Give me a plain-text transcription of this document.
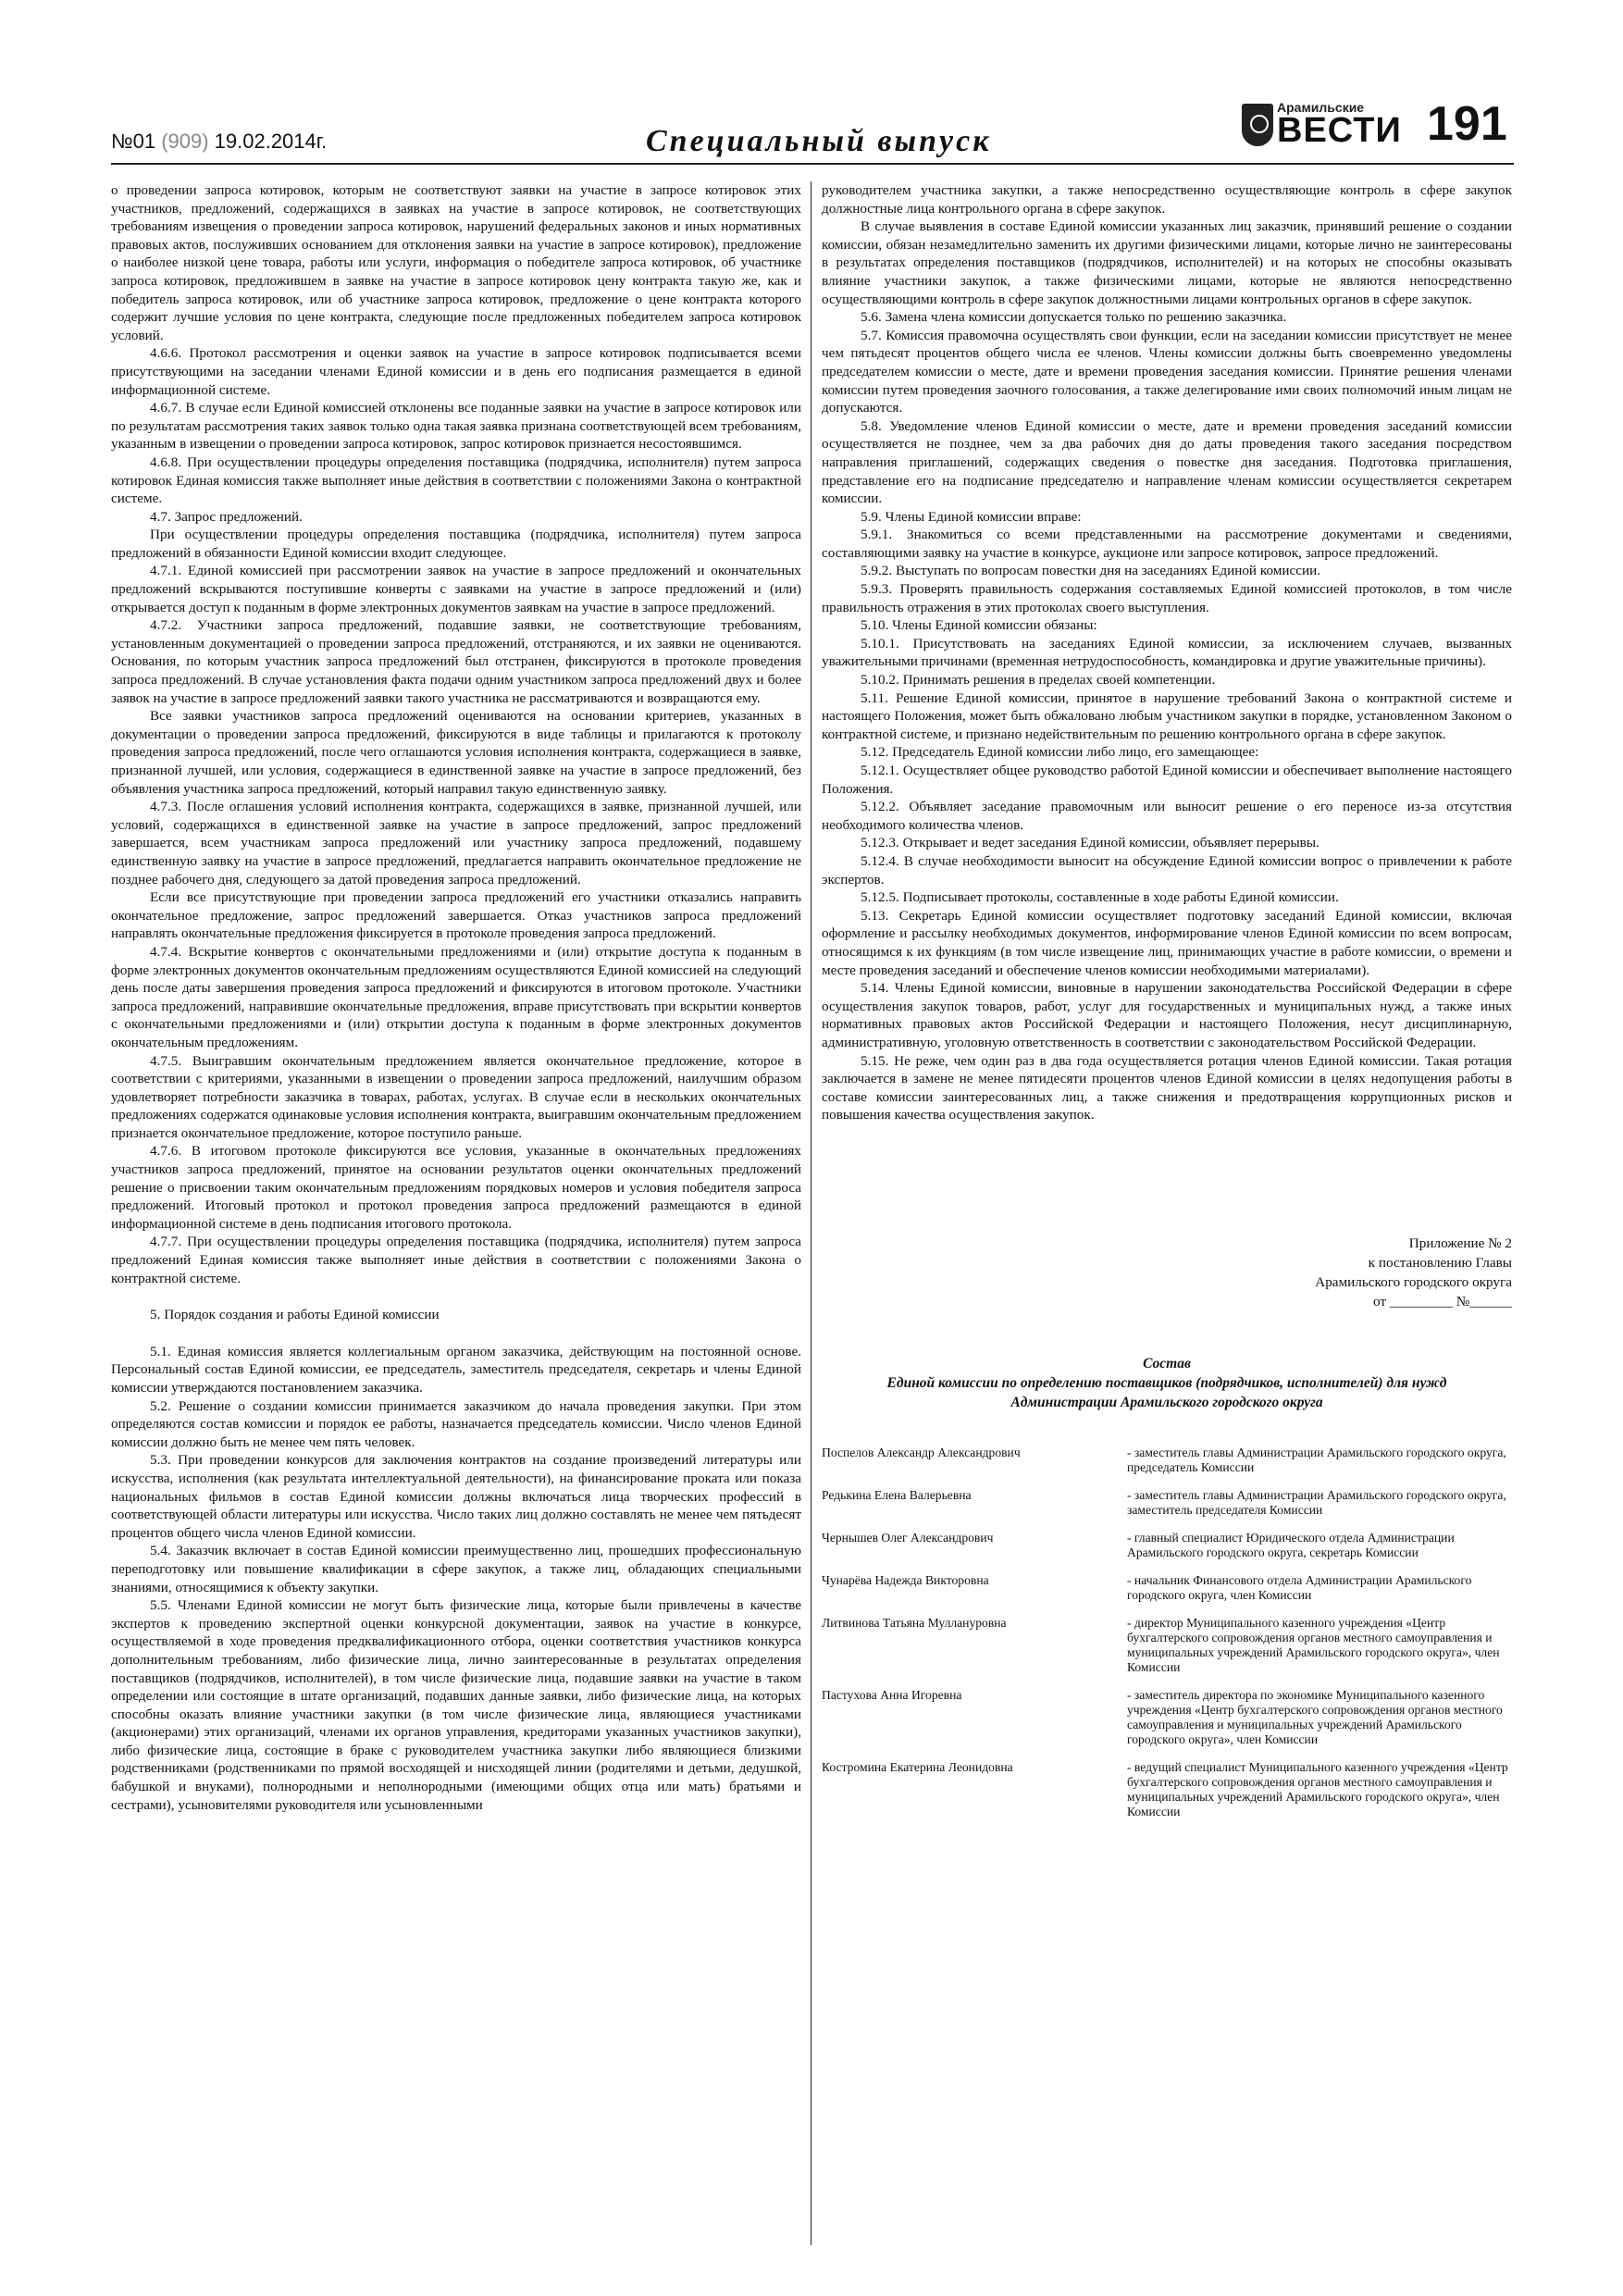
№01 (909) 19.02.2014г.	Специальный выпуск
Арамильские
ВЕСТИ 191

о проведении запроса котировок, которым не соответствуют заявки на участие в запросе котировок этих участников, предложений, содержащихся в заявках на участие в запросе котировок, не соответствующих требованиям извещения о проведении запроса котировок, нарушений федеральных законов и иных нормативных правовых актов, послуживших основанием для отклонения заявки на участие в запросе котировок), предложение о наиболее низкой цене товара, работы или услуги, информация о победителе запроса котировок, об участнике запроса котировок, предложившем в заявке на участие в запросе котировок цену контракта такую же, как и победитель запроса котировок, или об участнике запроса котировок, предложение о цене контракта которого содержит лучшие условия по цене контракта, следующие после предложенных победителем запроса котировок условий.

4.6.6. Протокол рассмотрения и оценки заявок на участие в запросе котировок подписывается всеми присутствующими на заседании членами Единой комиссии и в день его подписания размещается в единой информационной системе.

4.6.7. В случае если Единой комиссией отклонены все поданные заявки на участие в запросе котировок или по результатам рассмотрения таких заявок только одна такая заявка признана соответствующей всем требованиям, указанным в извещении о проведении запроса котировок, запрос котировок признается несостоявшимся.

4.6.8. При осуществлении процедуры определения поставщика (подрядчика, исполнителя) путем запроса котировок Единая комиссия также выполняет иные действия в соответствии с положениями Закона о контрактной системе.

4.7. Запрос предложений.

При осуществлении процедуры определения поставщика (подрядчика, исполнителя) путем запроса предложений в обязанности Единой комиссии входит следующее.

4.7.1. Единой комиссией при рассмотрении заявок на участие в запросе предложений и окончательных предложений вскрываются поступившие конверты с заявками на участие в запросе предложений и (или) открывается доступ к поданным в форме электронных документов заявкам на участие в запросе предложений.

4.7.2. Участники запроса предложений, подавшие заявки, не соответствующие требованиям, установленным документацией о проведении запроса предложений, отстраняются, и их заявки не оцениваются. Основания, по которым участник запроса предложений был отстранен, фиксируются в протоколе проведения запроса предложений. В случае установления факта подачи одним участником запроса предложений двух и более заявок на участие в запросе предложений заявки такого участника не рассматриваются и возвращаются ему.

Все заявки участников запроса предложений оцениваются на основании критериев, указанных в документации о проведении запроса предложений, фиксируются в виде таблицы и прилагаются к протоколу проведения запроса предложений, после чего оглашаются условия исполнения контракта, содержащиеся в заявке, признанной лучшей, или условия, содержащиеся в единственной заявке на участие в запросе предложений, без объявления участника запроса предложений, который направил такую единственную заявку.

4.7.3. После оглашения условий исполнения контракта, содержащихся в заявке, признанной лучшей, или условий, содержащихся в единственной заявке на участие в запросе предложений, запрос предложений завершается, всем участникам запроса предложений или участнику запроса предложений, подавшему единственную заявку на участие в запросе предложений, предлагается направить окончательное предложение не позднее рабочего дня, следующего за датой проведения запроса предложений.

Если все присутствующие при проведении запроса предложений его участники отказались направить окончательное предложение, запрос предложений завершается. Отказ участников запроса предложений направлять окончательные предложения фиксируется в протоколе проведения запроса предложений.

4.7.4. Вскрытие конвертов с окончательными предложениями и (или) открытие доступа к поданным в форме электронных документов окончательным предложениям осуществляются Единой комиссией на следующий день после даты завершения проведения запроса предложений и фиксируются в итоговом протоколе. Участники запроса предложений, направившие окончательные предложения, вправе присутствовать при вскрытии конвертов с окончательными предложениями и (или) открытии доступа к поданным в форме электронных документов окончательным предложениям.

4.7.5. Выигравшим окончательным предложением является окончательное предложение, которое в соответствии с критериями, указанными в извещении о проведении запроса предложений, наилучшим образом удовлетворяет потребности заказчика в товарах, работах, услугах. В случае если в нескольких окончательных предложениях содержатся одинаковые условия исполнения контракта, выигравшим окончательным предложением признается окончательное предложение, которое поступило раньше.

4.7.6. В итоговом протоколе фиксируются все условия, указанные в окончательных предложениях участников запроса предложений, принятое на основании результатов оценки окончательных предложений решение о присвоении таким окончательным предложениям порядковых номеров и условия победителя запроса предложений. Итоговый протокол и протокол проведения запроса предложений размещаются в единой информационной системе в день подписания итогового протокола.

4.7.7. При осуществлении процедуры определения поставщика (подрядчика, исполнителя) путем запроса предложений Единая комиссия также выполняет иные действия в соответствии с положениями Закона о контрактной системе.

5. Порядок создания и работы Единой комиссии

5.1. Единая комиссия является коллегиальным органом заказчика, действующим на постоянной основе. Персональный состав Единой комиссии, ее председатель, заместитель председателя, секретарь и члены Единой комиссии утверждаются постановлением заказчика.

5.2. Решение о создании комиссии принимается заказчиком до начала проведения закупки. При этом определяются состав комиссии и порядок ее работы, назначается председатель комиссии. Число членов Единой комиссии должно быть не менее чем пять человек.

5.3. При проведении конкурсов для заключения контрактов на создание произведений литературы или искусства, исполнения (как результата интеллектуальной деятельности), на финансирование проката или показа национальных фильмов в состав Единой комиссии должны включаться лица творческих профессий в соответствующей области литературы или искусства. Число таких лиц должно составлять не менее чем пятьдесят процентов общего числа членов Единой комиссии.

5.4. Заказчик включает в состав Единой комиссии преимущественно лиц, прошедших профессиональную переподготовку или повышение квалификации в сфере закупок, а также лиц, обладающих специальными знаниями, относящимися к объекту закупки.

5.5. Членами Единой комиссии не могут быть физические лица, которые были привлечены в качестве экспертов к проведению экспертной оценки конкурсной документации, заявок на участие в конкурсе, осуществляемой в ходе проведения предквалификационного отбора, оценки соответствия участников конкурса дополнительным требованиям, либо физические лица, лично заинтересованные в результатах определения поставщиков (подрядчиков, исполнителей), в том числе физические лица, подавшие заявки на участие в таком определении или состоящие в штате организаций, подавших данные заявки, либо физические лица, на которых способны оказать влияние участники закупки (в том числе физические лица, являющиеся участниками (акционерами) этих организаций, членами их органов управления, кредиторами указанных участников закупки), либо физические лица, состоящие в браке с руководителем участника закупки либо являющиеся близкими родственниками (родственниками по прямой восходящей и нисходящей линии (родителями и детьми, дедушкой, бабушкой и внуками), полнородными и неполнородными (имеющими общих отца или мать) братьями и сестрами), усыновителями руководителя или усыновленными

руководителем участника закупки, а также непосредственно осуществляющие контроль в сфере закупок должностные лица контрольного органа в сфере закупок.

В случае выявления в составе Единой комиссии указанных лиц заказчик, принявший решение о создании комиссии, обязан незамедлительно заменить их другими физическими лицами, которые лично не заинтересованы в результатах определения поставщиков (подрядчиков, исполнителей) и на которых не способны оказывать влияние участники закупок, а также физическими лицами, которые не являются непосредственно осуществляющими контроль в сфере закупок должностными лицами контрольных органов в сфере закупок.

5.6. Замена члена комиссии допускается только по решению заказчика.

5.7. Комиссия правомочна осуществлять свои функции, если на заседании комиссии присутствует не менее чем пятьдесят процентов общего числа ее членов. Члены комиссии должны быть своевременно уведомлены председателем комиссии о месте, дате и времени проведения заседания комиссии. Принятие решения членами комиссии путем проведения заочного голосования, а также делегирование ими своих полномочий иным лицам не допускаются.

5.8. Уведомление членов Единой комиссии о месте, дате и времени проведения заседаний комиссии осуществляется не позднее, чем за два рабочих дня до даты проведения такого заседания посредством направления приглашений, содержащих сведения о повестке дня заседания. Подготовка приглашения, представление его на подписание председателю и направление членам комиссии осуществляется секретарем комиссии.

5.9. Члены Единой комиссии вправе:

5.9.1. Знакомиться со всеми представленными на рассмотрение документами и сведениями, составляющими заявку на участие в конкурсе, аукционе или запросе котировок, запросе предложений.

5.9.2. Выступать по вопросам повестки дня на заседаниях Единой комиссии.

5.9.3. Проверять правильность содержания составляемых Единой комиссией протоколов, в том числе правильность отражения в этих протоколах своего выступления.

5.10. Члены Единой комиссии обязаны:

5.10.1. Присутствовать на заседаниях Единой комиссии, за исключением случаев, вызванных уважительными причинами (временная нетрудоспособность, командировка и другие уважительные причины).

5.10.2. Принимать решения в пределах своей компетенции.

5.11. Решение Единой комиссии, принятое в нарушение требований Закона о контрактной системе и настоящего Положения, может быть обжаловано любым участником закупки в порядке, установленном Законом о контрактной системе, и признано недействительным по решению контрольного органа в сфере закупок.

5.12. Председатель Единой комиссии либо лицо, его замещающее:

5.12.1. Осуществляет общее руководство работой Единой комиссии и обеспечивает выполнение настоящего Положения.

5.12.2. Объявляет заседание правомочным или выносит решение о его переносе из-за отсутствия необходимого количества членов.

5.12.3. Открывает и ведет заседания Единой комиссии, объявляет перерывы.

5.12.4. В случае необходимости выносит на обсуждение Единой комиссии вопрос о привлечении к работе экспертов.

5.12.5. Подписывает протоколы, составленные в ходе работы Единой комиссии.

5.13. Секретарь Единой комиссии осуществляет подготовку заседаний Единой комиссии, включая оформление и рассылку необходимых документов, информирование членов Единой комиссии по всем вопросам, относящимся к их функциям (в том числе извещение лиц, принимающих участие в работе комиссии, о времени и месте проведения заседаний и обеспечение членов комиссии необходимыми материалами).

5.14. Члены Единой комиссии, виновные в нарушении законодательства Российской Федерации в сфере осуществления закупок товаров, работ, услуг для государственных и муниципальных нужд, а также иных нормативных правовых актов Российской Федерации и настоящего Положения, несут дисциплинарную, административную, уголовную ответственность в соответствии с законодательством Российской Федерации.

5.15. Не реже, чем один раз в два года осуществляется ротация членов Единой комиссии. Такая ротация заключается в замене не менее пятидесяти процентов членов Единой комиссии в целях недопущения работы в составе комиссии заинтересованных лиц, а также снижения и предотвращения коррупционных рисков и повышения качества осуществления закупок.

Приложение № 2
к постановлению Главы
Арамильского городского округа
от _________ №______
Состав
Единой комиссии по определению поставщиков (подрядчиков, исполнителей) для нужд
Администрации Арамильского городского округа
Поспелов Александр Александрович	- заместитель главы Администрации Арамильского городского округа, председатель Комиссии
Редькина Елена Валерьевна	- заместитель главы Администрации Арамильского городского округа, заместитель председателя Комиссии
Чернышев Олег Александрович	- главный специалист Юридического отдела Администрации Арамильского городского округа, секретарь Комиссии
Чунарёва Надежда Викторовна	- начальник Финансового отдела Администрации Арамильского городского округа, член Комиссии
Литвинова Татьяна Муллануровна	- директор Муниципального казенного учреждения «Центр бухгалтерского сопровождения органов местного самоуправления и муниципальных учреждений Арамильского городского округа», член Комиссии
Пастухова Анна Игоревна	- заместитель директора по экономике Муниципального казенного учреждения «Центр бухгалтерского сопровождения органов местного самоуправления и муниципальных учреждений Арамильского городского округа», член Комиссии
Костромина Екатерина Леонидовна	- ведущий специалист Муниципального казенного учреждения «Центр бухгалтерского сопровождения органов местного самоуправления и муниципальных учреждений Арамильского городского округа», член Комиссии
